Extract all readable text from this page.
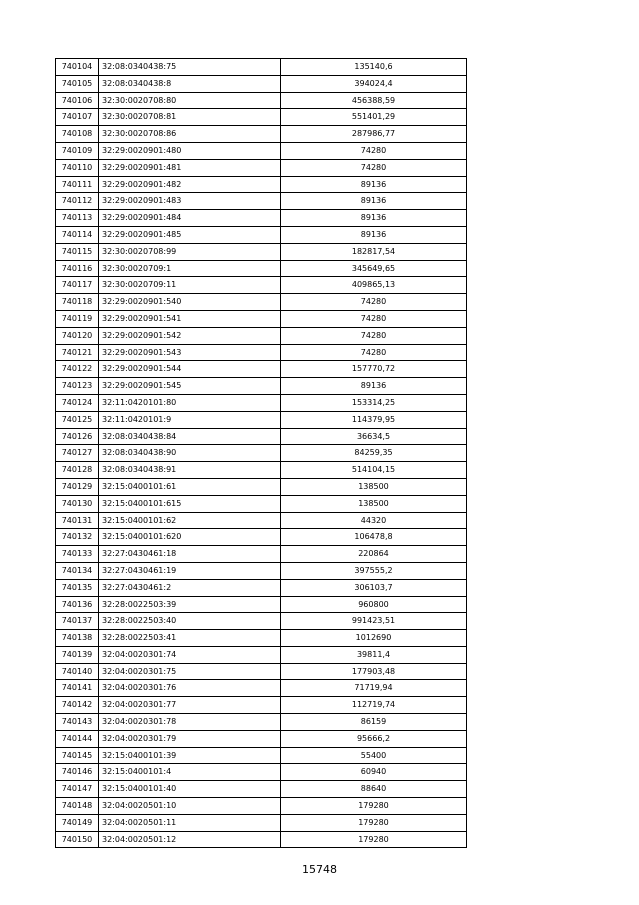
740104	32:08:0340438:75	135140,6
740105	32:08:0340438:8	394024,4
740106	32:30:0020708:80	456388,59
740107	32:30:0020708:81	551401,29
740108	32:30:0020708:86	287986,77
740109	32:29:0020901:480	74280
740110	32:29:0020901:481	74280
740111	32:29:0020901:482	89136
740112	32:29:0020901:483	89136
740113	32:29:0020901:484	89136
740114	32:29:0020901:485	89136
740115	32:30:0020708:99	182817,54
740116	32:30:0020709:1	345649,65
740117	32:30:0020709:11	409865,13
740118	32:29:0020901:540	74280
740119	32:29:0020901:541	74280
740120	32:29:0020901:542	74280
740121	32:29:0020901:543	74280
740122	32:29:0020901:544	157770,72
740123	32:29:0020901:545	89136
740124	32:11:0420101:80	153314,25
740125	32:11:0420101:9	114379,95
740126	32:08:0340438:84	36634,5
740127	32:08:0340438:90	84259,35
740128	32:08:0340438:91	514104,15
740129	32:15:0400101:61	138500
740130	32:15:0400101:615	138500
740131	32:15:0400101:62	44320
740132	32:15:0400101:620	106478,8
740133	32:27:0430461:18	220864
740134	32:27:0430461:19	397555,2
740135	32:27:0430461:2	306103,7
740136	32:28:0022503:39	960800
740137	32:28:0022503:40	991423,51
740138	32:28:0022503:41	1012690
740139	32:04:0020301:74	39811,4
740140	32:04:0020301:75	177903,48
740141	32:04:0020301:76	71719,94
740142	32:04:0020301:77	112719,74
740143	32:04:0020301:78	86159
740144	32:04:0020301:79	95666,2
740145	32:15:0400101:39	55400
740146	32:15:0400101:4	60940
740147	32:15:0400101:40	88640
740148	32:04:0020501:10	179280
740149	32:04:0020501:11	179280
740150	32:04:0020501:12	179280
15748
